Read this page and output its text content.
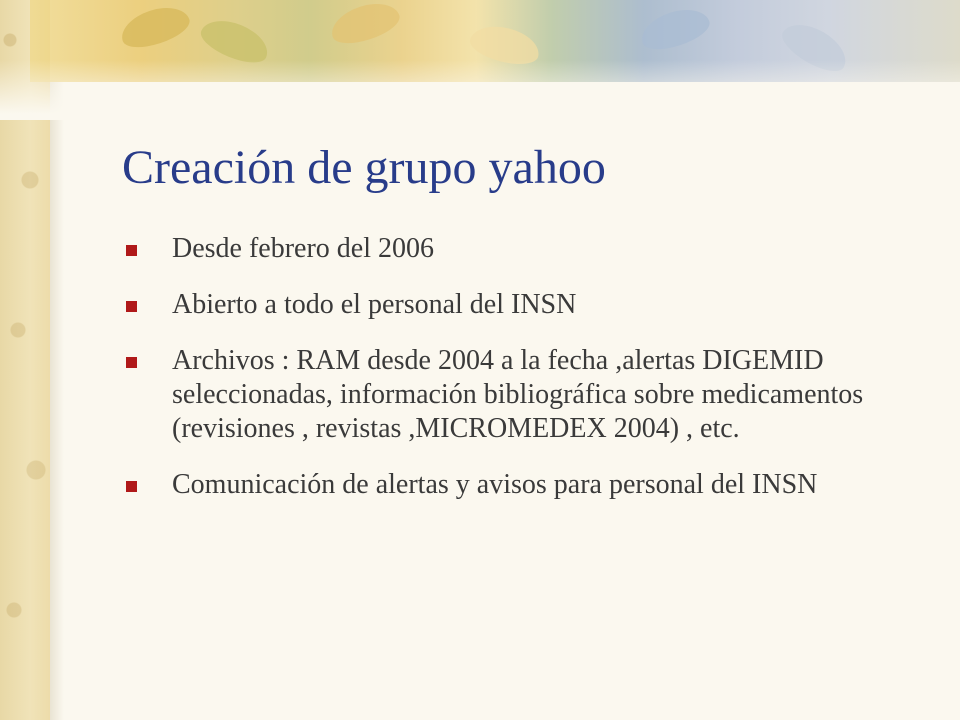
Creación de grupo yahoo
Desde febrero del 2006
Abierto a todo el personal del INSN
Archivos : RAM desde 2004 a la fecha ,alertas DIGEMID seleccionadas, información bibliográfica sobre medicamentos (revisiones , revistas ,MICROMEDEX 2004) , etc.
Comunicación de alertas y avisos para personal del INSN
